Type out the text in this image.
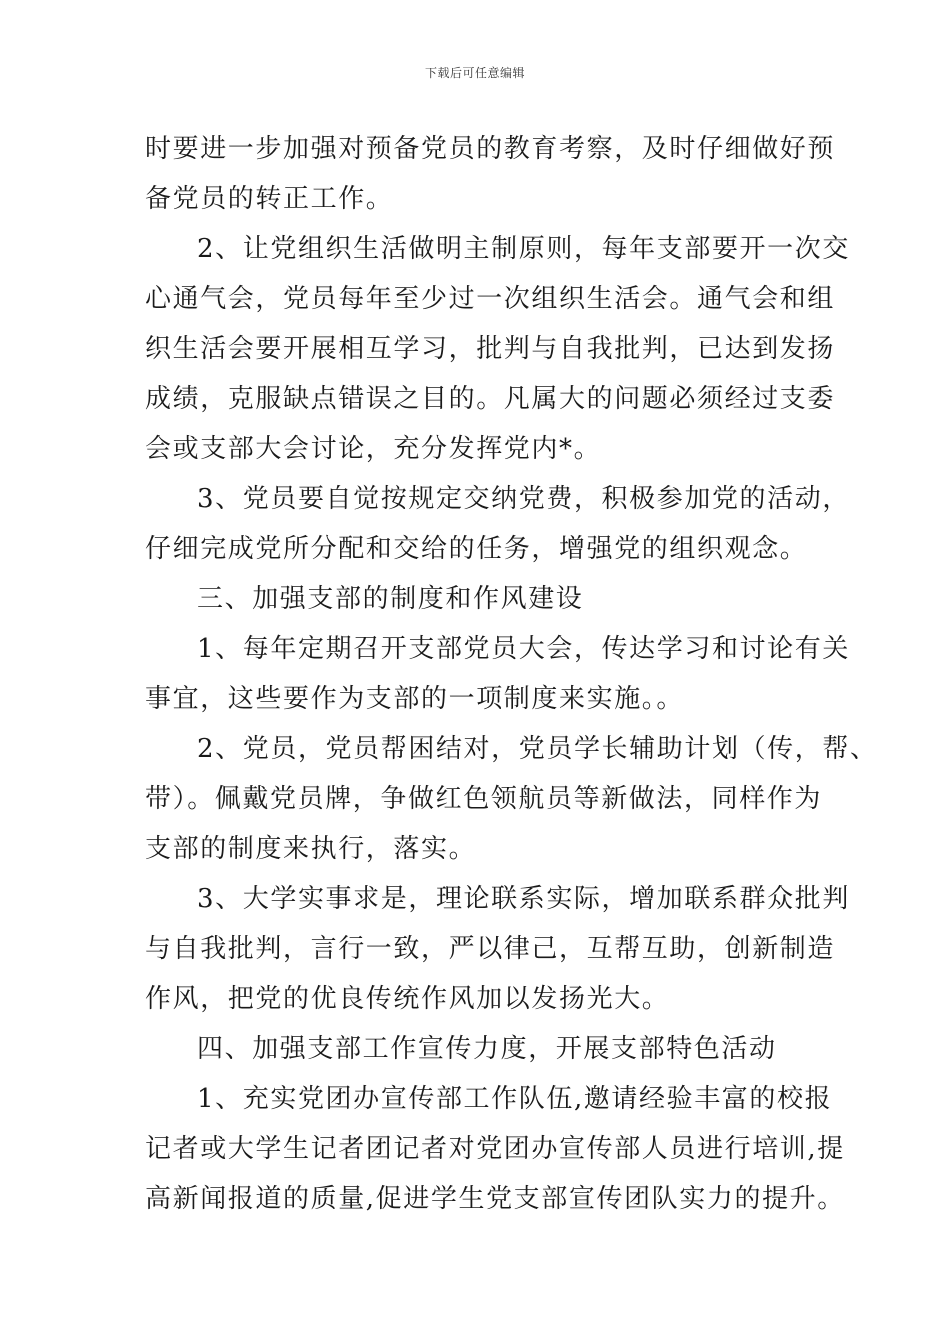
下载后可任意编辑
时要进一步加强对预备党员的教育考察，及时仔细做好预
备党员的转正工作。
2、让党组织生活做明主制原则，每年支部要开一次交
心通气会，党员每年至少过一次组织生活会。通气会和组
织生活会要开展相互学习，批判与自我批判，已达到发扬
成绩，克服缺点错误之目的。凡属大的问题必须经过支委
会或支部大会讨论，充分发挥党内*。
3、党员要自觉按规定交纳党费，积极参加党的活动，
仔细完成党所分配和交给的任务，增强党的组织观念。
三、加强支部的制度和作风建设
1、每年定期召开支部党员大会，传达学习和讨论有关
事宜，这些要作为支部的一项制度来实施。。
2、党员，党员帮困结对，党员学长辅助计划（传，帮、
带）。佩戴党员牌，争做红色领航员等新做法，同样作为
支部的制度来执行，落实。
3、大学实事求是，理论联系实际，增加联系群众批判
与自我批判，言行一致，严以律己，互帮互助，创新制造
作风，把党的优良传统作风加以发扬光大。
四、加强支部工作宣传力度，开展支部特色活动
1、充实党团办宣传部工作队伍,邀请经验丰富的校报
记者或大学生记者团记者对党团办宣传部人员进行培训,提
高新闻报道的质量,促进学生党支部宣传团队实力的提升。
